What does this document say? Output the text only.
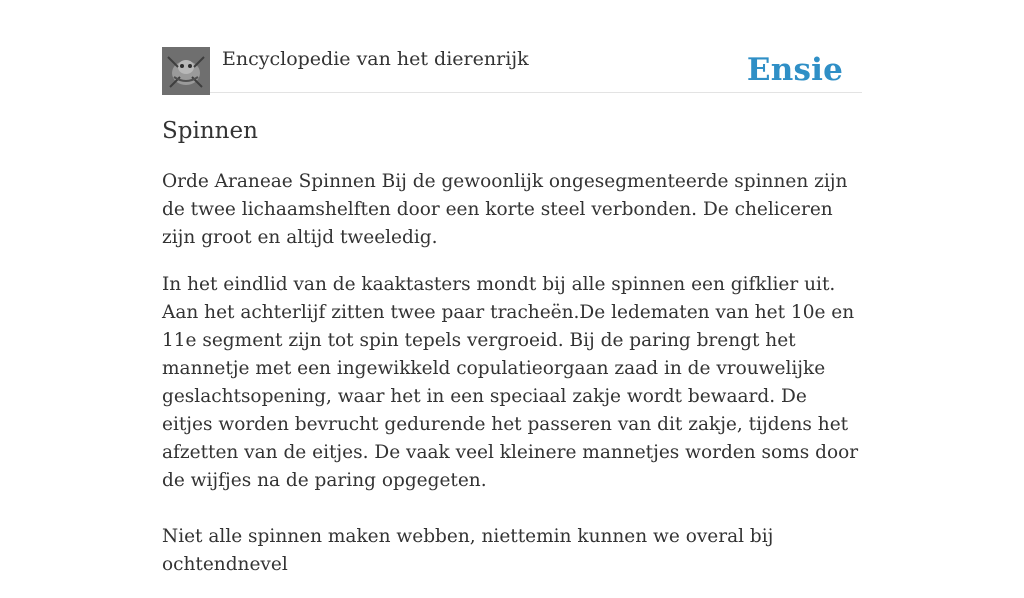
Encyclopedie van het dierenrijk	Ensie
Spinnen

Orde Araneae Spinnen Bij de gewoonlijk ongesegmenteerde spinnen zijn de twee lichaamshelften door een korte steel verbonden. De cheliceren zijn groot en altijd tweeledig.

In het eindlid van de kaaktasters mondt bij alle spinnen een gifklier uit. Aan het achterlijf zitten twee paar tracheën.De ledematen van het 10e en 11e segment zijn tot spin tepels vergroeid. Bij de paring brengt het mannetje met een ingewikkeld copulatieorgaan zaad in de vrouwelijke geslachtsopening, waar het in een speciaal zakje wordt bewaard. De eitjes worden bevrucht gedurende het passeren van dit zakje, tijdens het afzetten van de eitjes. De vaak veel kleinere mannetjes worden soms door de wijfjes na de paring opgegeten.

Niet alle spinnen maken webben, niettemin kunnen we overal bij ochtendnevel
